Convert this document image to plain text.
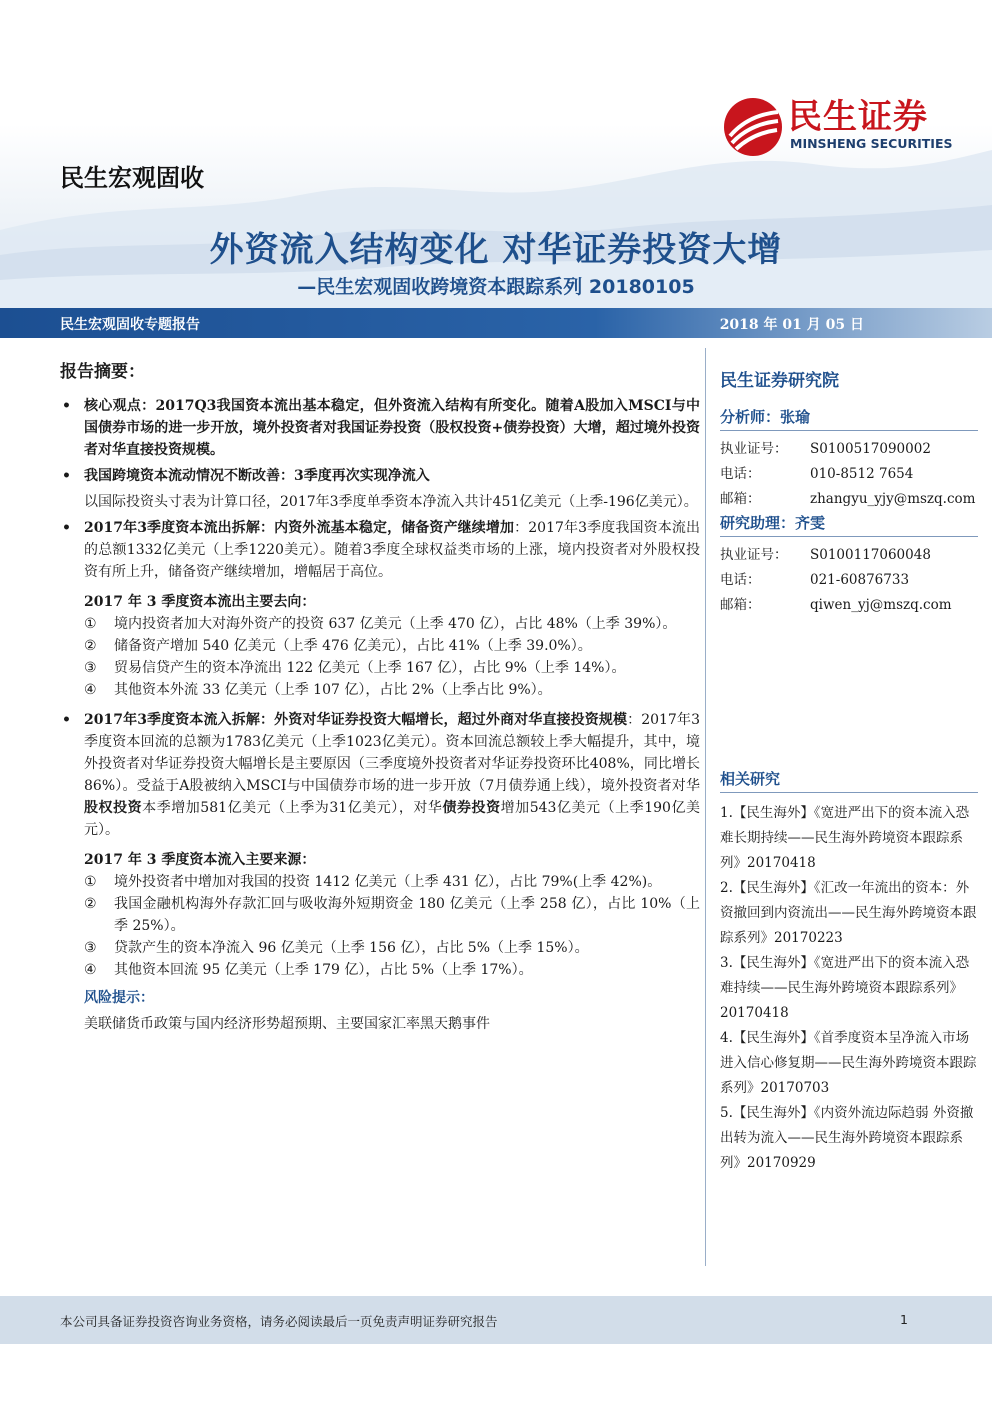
民生证券
MINSHENG SECURITIES
民生宏观固收
外资流入结构变化 对华证券投资大增
—民生宏观固收跨境资本跟踪系列 20180105
民生宏观固收专题报告	2018 年 01 月 05 日
报告摘要：
• 核心观点：2017Q3我国资本流出基本稳定，但外资流入结构有所变化。随着A股加入MSCI与中国债券市场的进一步开放，境外投资者对我国证券投资（股权投资+债券投资）大增，超过境外投资者对华直接投资规模。
• 我国跨境资本流动情况不断改善：3季度再次实现净流入
以国际投资头寸表为计算口径，2017年3季度单季资本净流入共计451亿美元（上季-196亿美元）。
• 2017年3季度资本流出拆解：内资外流基本稳定，储备资产继续增加：2017年3季度我国资本流出的总额1332亿美元（上季1220美元）。随着3季度全球权益类市场的上涨，境内投资者对外股权投资有所上升，储备资产继续增加，增幅居于高位。
2017 年 3 季度资本流出主要去向：
① 境内投资者加大对海外资产的投资 637 亿美元（上季 470 亿），占比 48%（上季 39%）。
② 储备资产增加 540 亿美元（上季 476 亿美元），占比 41%（上季 39.0%）。
③ 贸易信贷产生的资本净流出 122 亿美元（上季 167 亿），占比 9%（上季 14%）。
④ 其他资本外流 33 亿美元（上季 107 亿），占比 2%（上季占比 9%）。
• 2017年3季度资本流入拆解：外资对华证券投资大幅增长，超过外商对华直接投资规模：2017年3季度资本回流的总额为1783亿美元（上季1023亿美元）。资本回流总额较上季大幅提升，其中，境外投资者对华证券投资大幅增长是主要原因（三季度境外投资者对华证券投资环比408%，同比增长86%）。受益于A股被纳入MSCI与中国债券市场的进一步开放（7月债券通上线），境外投资者对华股权投资本季增加581亿美元（上季为31亿美元），对华债券投资增加543亿美元（上季190亿美元）。
2017 年 3 季度资本流入主要来源：
① 境外投资者中增加对我国的投资 1412 亿美元（上季 431 亿），占比 79%(上季 42%)。
② 我国金融机构海外存款汇回与吸收海外短期资金 180 亿美元（上季 258 亿），占比 10%（上季 25%）。
③ 贷款产生的资本净流入 96 亿美元（上季 156 亿），占比 5%（上季 15%）。
④ 其他资本回流 95 亿美元（上季 179 亿），占比 5%（上季 17%）。
风险提示：
美联储货币政策与国内经济形势超预期、主要国家汇率黑天鹅事件
民生证券研究院
分析师：张瑜
执业证号：	S0100517090002
电话：	010-8512 7654
邮箱：	zhangyu_yjy@mszq.com
研究助理：齐雯
执业证号：	S0100117060048
电话：	021-60876733
邮箱：	qiwen_yj@mszq.com
相关研究
1.【民生海外】《宽进严出下的资本流入恐难长期持续——民生海外跨境资本跟踪系列》20170418
2.【民生海外】《汇改一年流出的资本：外资撤回到内资流出——民生海外跨境资本跟踪系列》20170223
3.【民生海外】《宽进严出下的资本流入恐难持续——民生海外跨境资本跟踪系列》20170418
4.【民生海外】《首季度资本呈净流入市场进入信心修复期——民生海外跨境资本跟踪系列》20170703
5.【民生海外】《内资外流边际趋弱 外资撤出转为流入——民生海外跨境资本跟踪系列》20170929
本公司具备证券投资咨询业务资格，请务必阅读最后一页免责声明证券研究报告	1
